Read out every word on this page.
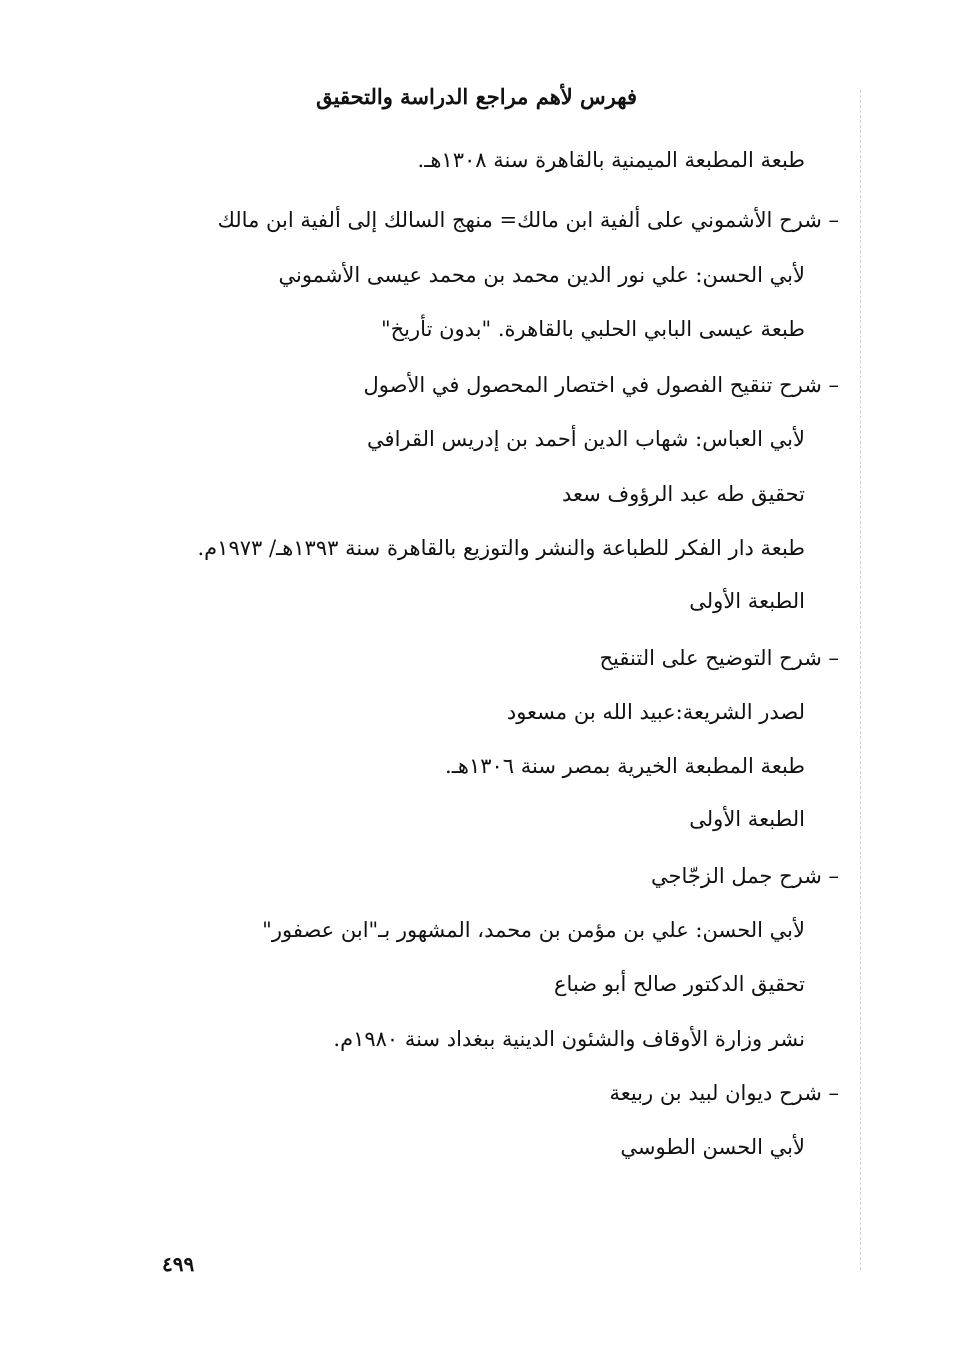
فهرس لأهم مراجع الدراسة والتحقيق
طبعة المطبعة الميمنية بالقاهرة سنة ١٣٠٨هـ.
– شرح الأشموني على ألفية ابن مالك= منهج السالك إلى ألفية ابن مالك
لأبي الحسن: علي نور الدين محمد بن محمد عيسى الأشموني
طبعة عيسى البابي الحلبي بالقاهرة. "بدون تأريخ"
– شرح تنقيح الفصول في اختصار المحصول في الأصول
لأبي العباس: شهاب الدين أحمد بن إدريس القرافي
تحقيق طه عبد الرؤوف سعد
طبعة دار الفكر للطباعة والنشر والتوزيع بالقاهرة سنة ١٣٩٣هـ/ ١٩٧٣م.
الطبعة الأولى
– شرح التوضيح على التنقيح
لصدر الشريعة:عبيد الله بن مسعود
طبعة المطبعة الخيرية بمصر سنة ١٣٠٦هـ.
الطبعة الأولى
– شرح جمل الزجّاجي
لأبي الحسن: علي بن مؤمن بن محمد، المشهور بـ"ابن عصفور"
تحقيق الدكتور صالح أبو ضباع
نشر وزارة الأوقاف والشئون الدينية ببغداد سنة ١٩٨٠م.
– شرح ديوان لبيد بن ربيعة
لأبي الحسن الطوسي
٤٩٩
